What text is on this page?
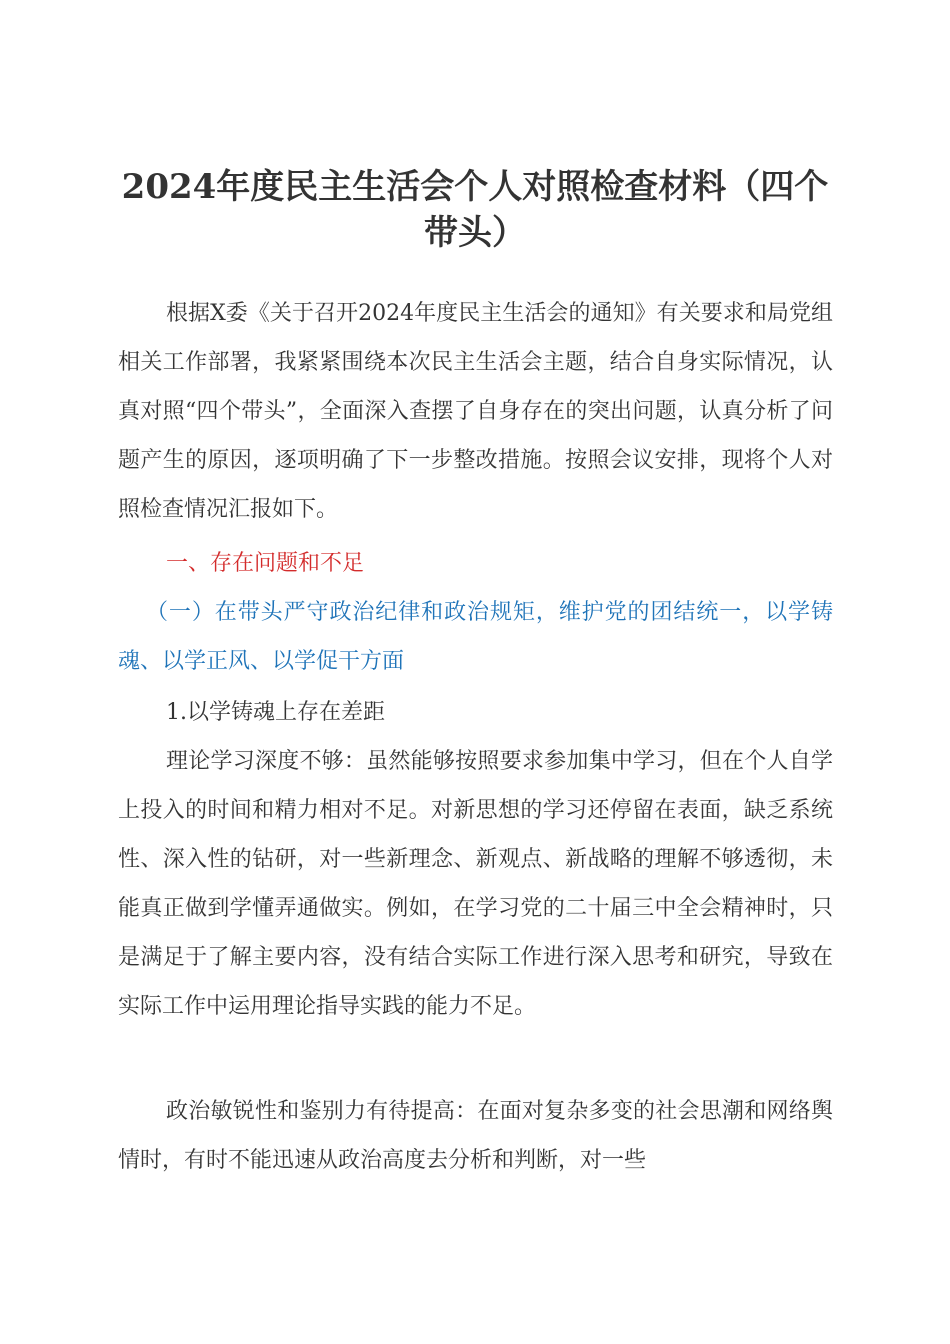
2024年度民主生活会个人对照检查材料（四个带头）

根据X委《关于召开2024年度民主生活会的通知》有关要求和局党组相关工作部署，我紧紧围绕本次民主生活会主题，结合自身实际情况，认真对照“四个带头”，全面深入查摆了自身存在的突出问题，认真分析了问题产生的原因，逐项明确了下一步整改措施。按照会议安排，现将个人对照检查情况汇报如下。

一、存在问题和不足

（一）在带头严守政治纪律和政治规矩，维护党的团结统一，以学铸魂、以学正风、以学促干方面

1.以学铸魂上存在差距

理论学习深度不够：虽然能够按照要求参加集中学习，但在个人自学上投入的时间和精力相对不足。对新思想的学习还停留在表面，缺乏系统性、深入性的钻研，对一些新理念、新观点、新战略的理解不够透彻，未能真正做到学懂弄通做实。例如，在学习党的二十届三中全会精神时，只是满足于了解主要内容，没有结合实际工作进行深入思考和研究，导致在实际工作中运用理论指导实践的能力不足。

政治敏锐性和鉴别力有待提高：在面对复杂多变的社会思潮和网络舆情时，有时不能迅速从政治高度去分析和判断，对一些
